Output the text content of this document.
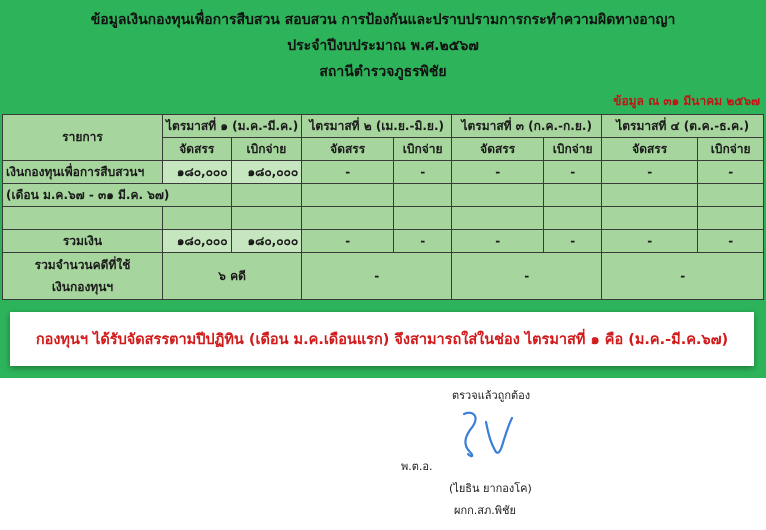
ข้อมูลเงินกองทุนเพื่อการสืบสวน สอบสวน การป้องกันและปราบปรามการกระทำความผิดทางอาญา
ประจำปีงบประมาณ พ.ศ.๒๕๖๗
สถานีตำรวจภูธรพิชัย
ข้อมูล ณ ๓๑ มีนาคม ๒๕๖๗
รายการ	ไตรมาสที่ ๑ (ม.ค.-มี.ค.)		ไตรมาสที่ ๒ (เม.ย.-มิ.ย.)		ไตรมาสที่ ๓ (ก.ค.-ก.ย.)		ไตรมาสที่ ๔ (ต.ค.-ธ.ค.)	
	จัดสรร	เบิกจ่าย	จัดสรร	เบิกจ่าย	จัดสรร	เบิกจ่าย	จัดสรร	เบิกจ่าย
เงินกองทุนเพื่อการสืบสวนฯ	๑๘๐,๐๐๐	๑๘๐,๐๐๐	-	-	-	-	-	-
(เดือน ม.ค.๖๗ - ๓๑ มี.ค. ๖๗)								

รวมเงิน	๑๘๐,๐๐๐	๑๘๐,๐๐๐	-	-	-	-	-	-

รวมจำนวนคดีที่ใช้
เงินกองทุนฯ	๖ คดี		-		-		-	
กองทุนฯ ได้รับจัดสรรตามปีปฏิทิน (เดือน ม.ค.เดือนแรก) จึงสามารถใส่ในช่อง ไตรมาสที่ ๑ คือ (ม.ค.-มี.ค.๖๗)
ตรวจแล้วถูกต้อง
พ.ต.อ.
(ไยธิน ยากองโค)
ผกก.สภ.พิชัย
